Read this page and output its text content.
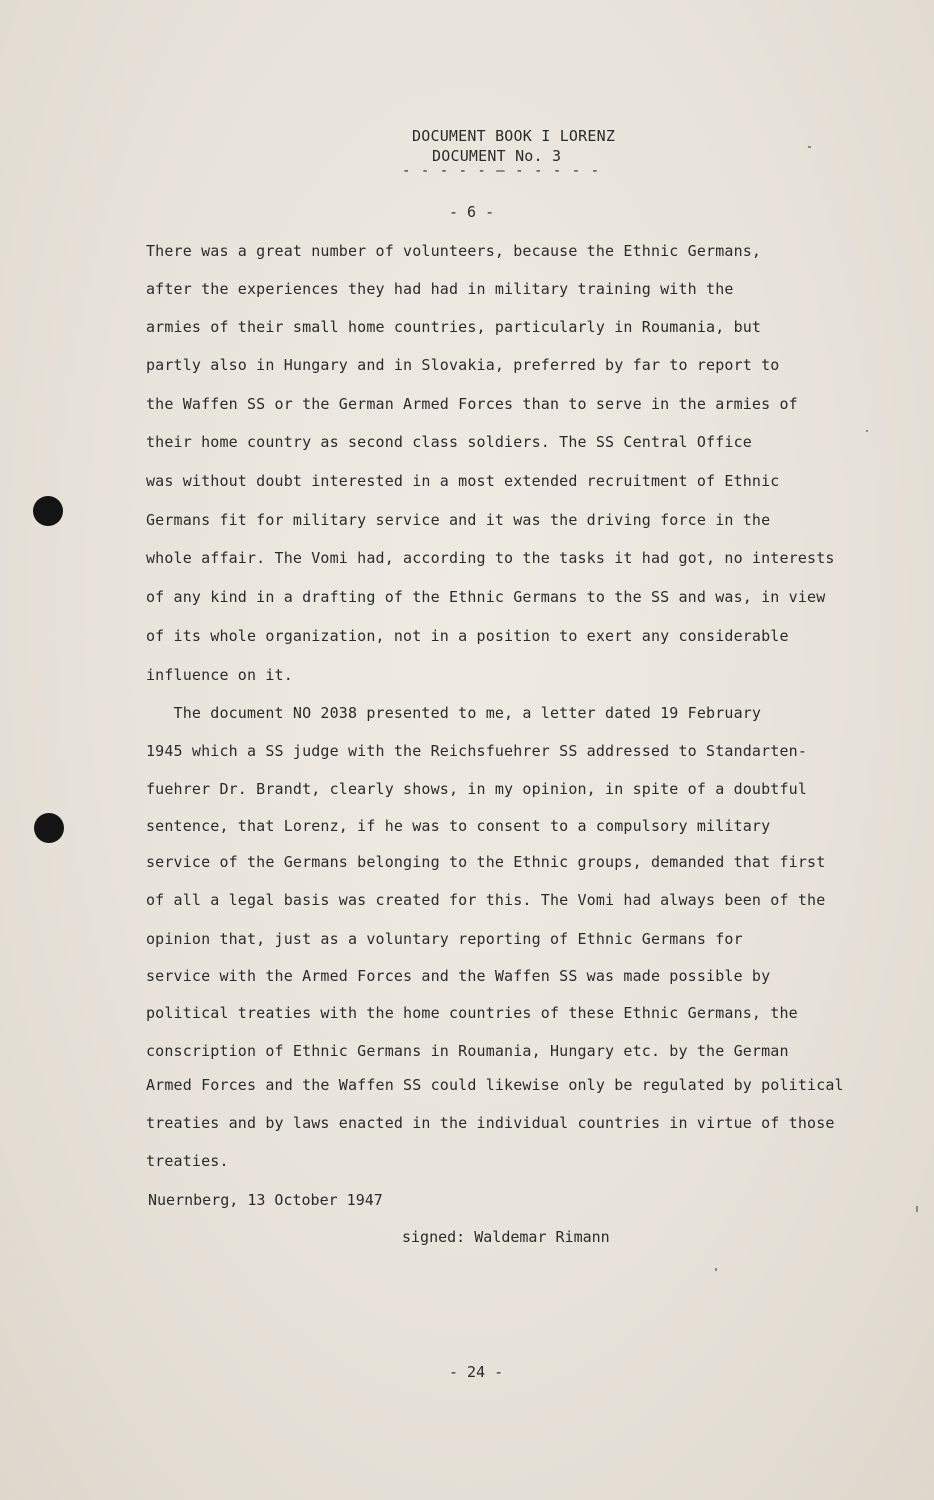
DOCUMENT BOOK I LORENZ
DOCUMENT No. 3
- - - - - — - - - - -
- 6 -
There was a great number of volunteers, because the Ethnic Germans,
after the experiences they had had in military training with the
armies of their small home countries, particularly in Roumania, but
partly also in Hungary and in Slovakia, preferred by far to report to
the Waffen SS or the German Armed Forces than to serve in the armies of
their home country as second class soldiers. The SS Central Office
was without doubt interested in a most extended recruitment of Ethnic
Germans fit for military service and it was the driving force in the
whole affair. The Vomi had, according to the tasks it had got, no interests
of any kind in a drafting of the Ethnic Germans to the SS and was, in view
of its whole organization, not in a position to exert any considerable
influence on it.
The document NO 2038 presented to me, a letter dated 19 February
1945 which a SS judge with the Reichsfuehrer SS addressed to Standarten-
fuehrer Dr. Brandt, clearly shows, in my opinion, in spite of a doubtful
sentence, that Lorenz, if he was to consent to a compulsory military
service of the Germans belonging to the Ethnic groups, demanded that first
of all a legal basis was created for this. The Vomi had always been of the
opinion that, just as a voluntary reporting of Ethnic Germans for
service with the Armed Forces and the Waffen SS was made possible by
political treaties with the home countries of these Ethnic Germans, the
conscription of Ethnic Germans in Roumania, Hungary etc. by the German
Armed Forces and the Waffen SS could likewise only be regulated by political
treaties and by laws enacted in the individual countries in virtue of those
treaties.
Nuernberg, 13 October 1947
signed: Waldemar Rimann
- 24 -
